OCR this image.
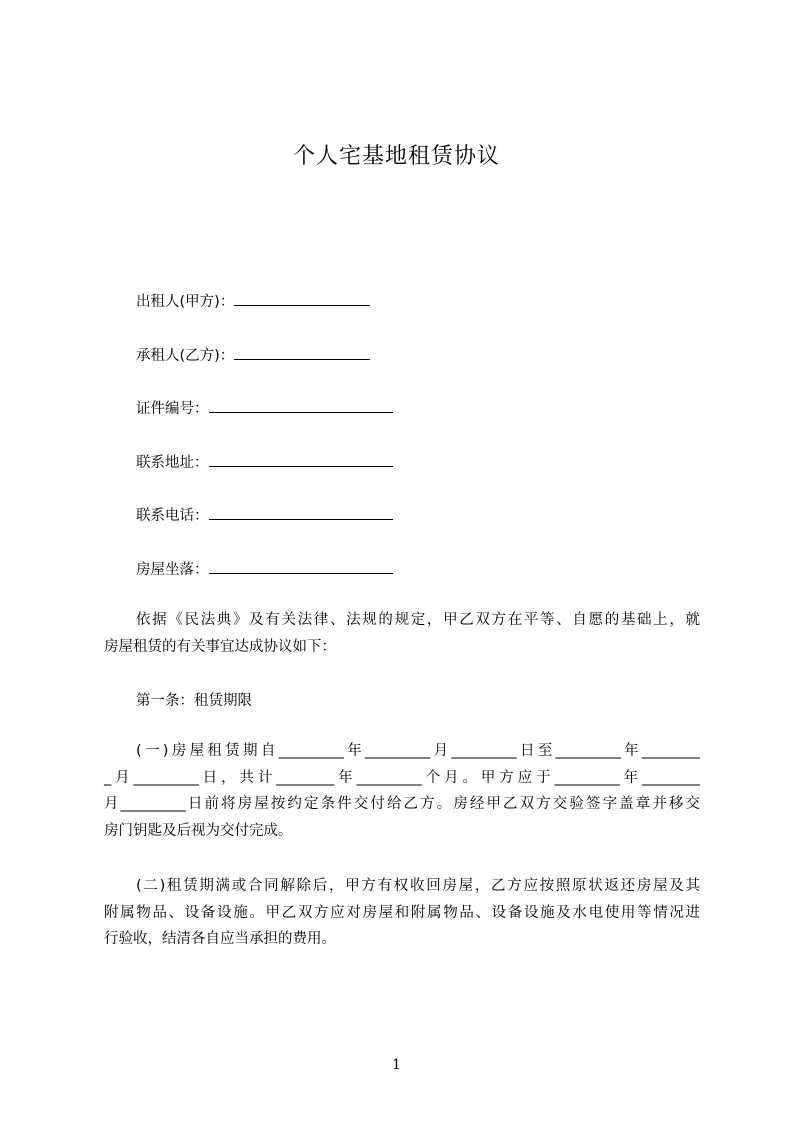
个人宅基地租赁协议
出租人(甲方)：
承租人(乙方)：
证件编号：
联系地址：
联系电话：
房屋坐落：
依据《民法典》及有关法律、法规的规定，甲乙双方在平等、自愿的基础上，就
房屋租赁的有关事宜达成协议如下：
第一条：租赁期限
(一)房屋租赁期自_________年_________月_________日至_________年________
_月_________日，共计________年_________个月。甲方应于_________年________
月_________日前将房屋按约定条件交付给乙方。房经甲乙双方交验签字盖章并移交
房门钥匙及后视为交付完成。
(二)租赁期满或合同解除后，甲方有权收回房屋，乙方应按照原状返还房屋及其
附属物品、设备设施。甲乙双方应对房屋和附属物品、设备设施及水电使用等情况进
行验收，结清各自应当承担的费用。
1
